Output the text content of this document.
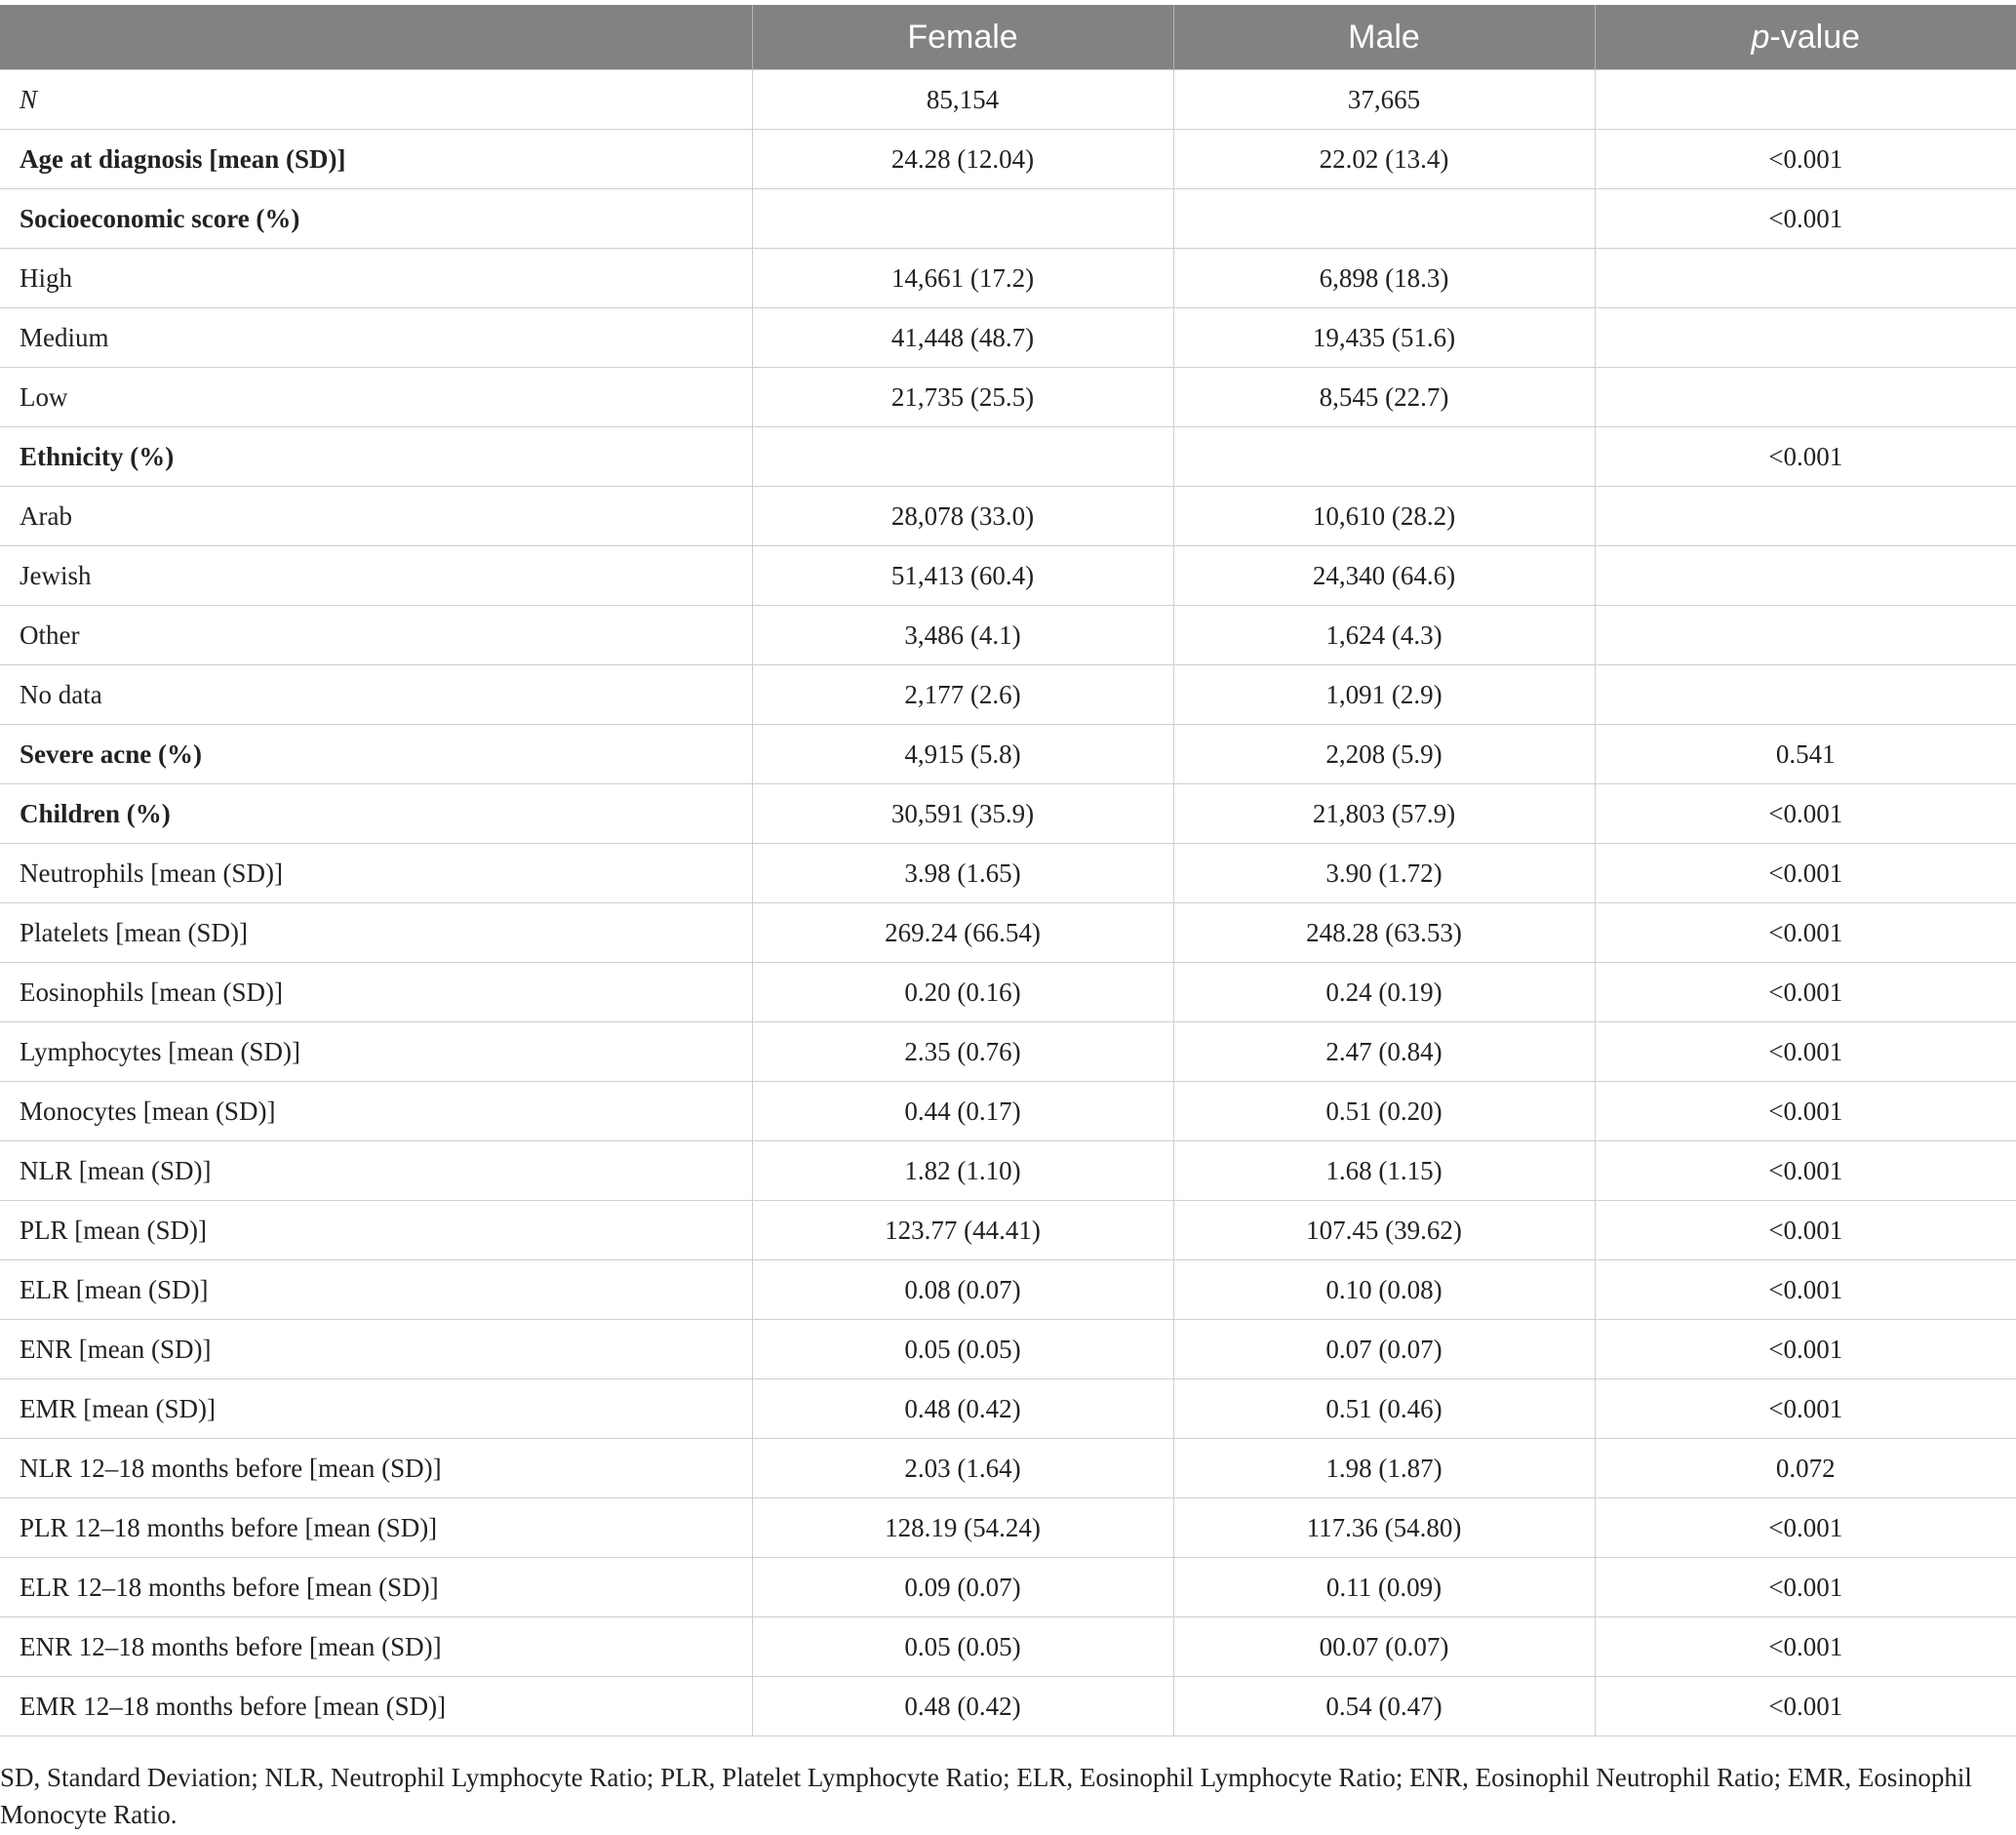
	Female	Male	p-value
N	85,154	37,665	
Age at diagnosis [mean (SD)]	24.28 (12.04)	22.02 (13.4)	<0.001
Socioeconomic score (%)			<0.001
High	14,661 (17.2)	6,898 (18.3)	
Medium	41,448 (48.7)	19,435 (51.6)	
Low	21,735 (25.5)	8,545 (22.7)	
Ethnicity (%)			<0.001
Arab	28,078 (33.0)	10,610 (28.2)	
Jewish	51,413 (60.4)	24,340 (64.6)	
Other	3,486 (4.1)	1,624 (4.3)	
No data	2,177 (2.6)	1,091 (2.9)	
Severe acne (%)	4,915 (5.8)	2,208 (5.9)	0.541
Children (%)	30,591 (35.9)	21,803 (57.9)	<0.001
Neutrophils [mean (SD)]	3.98 (1.65)	3.90 (1.72)	<0.001
Platelets [mean (SD)]	269.24 (66.54)	248.28 (63.53)	<0.001
Eosinophils [mean (SD)]	0.20 (0.16)	0.24 (0.19)	<0.001
Lymphocytes [mean (SD)]	2.35 (0.76)	2.47 (0.84)	<0.001
Monocytes [mean (SD)]	0.44 (0.17)	0.51 (0.20)	<0.001
NLR [mean (SD)]	1.82 (1.10)	1.68 (1.15)	<0.001
PLR [mean (SD)]	123.77 (44.41)	107.45 (39.62)	<0.001
ELR [mean (SD)]	0.08 (0.07)	0.10 (0.08)	<0.001
ENR [mean (SD)]	0.05 (0.05)	0.07 (0.07)	<0.001
EMR [mean (SD)]	0.48 (0.42)	0.51 (0.46)	<0.001
NLR 12–18 months before [mean (SD)]	2.03 (1.64)	1.98 (1.87)	0.072
PLR 12–18 months before [mean (SD)]	128.19 (54.24)	117.36 (54.80)	<0.001
ELR 12–18 months before [mean (SD)]	0.09 (0.07)	0.11 (0.09)	<0.001
ENR 12–18 months before [mean (SD)]	0.05 (0.05)	00.07 (0.07)	<0.001
EMR 12–18 months before [mean (SD)]	0.48 (0.42)	0.54 (0.47)	<0.001
SD, Standard Deviation; NLR, Neutrophil Lymphocyte Ratio; PLR, Platelet Lymphocyte Ratio; ELR, Eosinophil Lymphocyte Ratio; ENR, Eosinophil Neutrophil Ratio; EMR, Eosinophil Monocyte Ratio.
